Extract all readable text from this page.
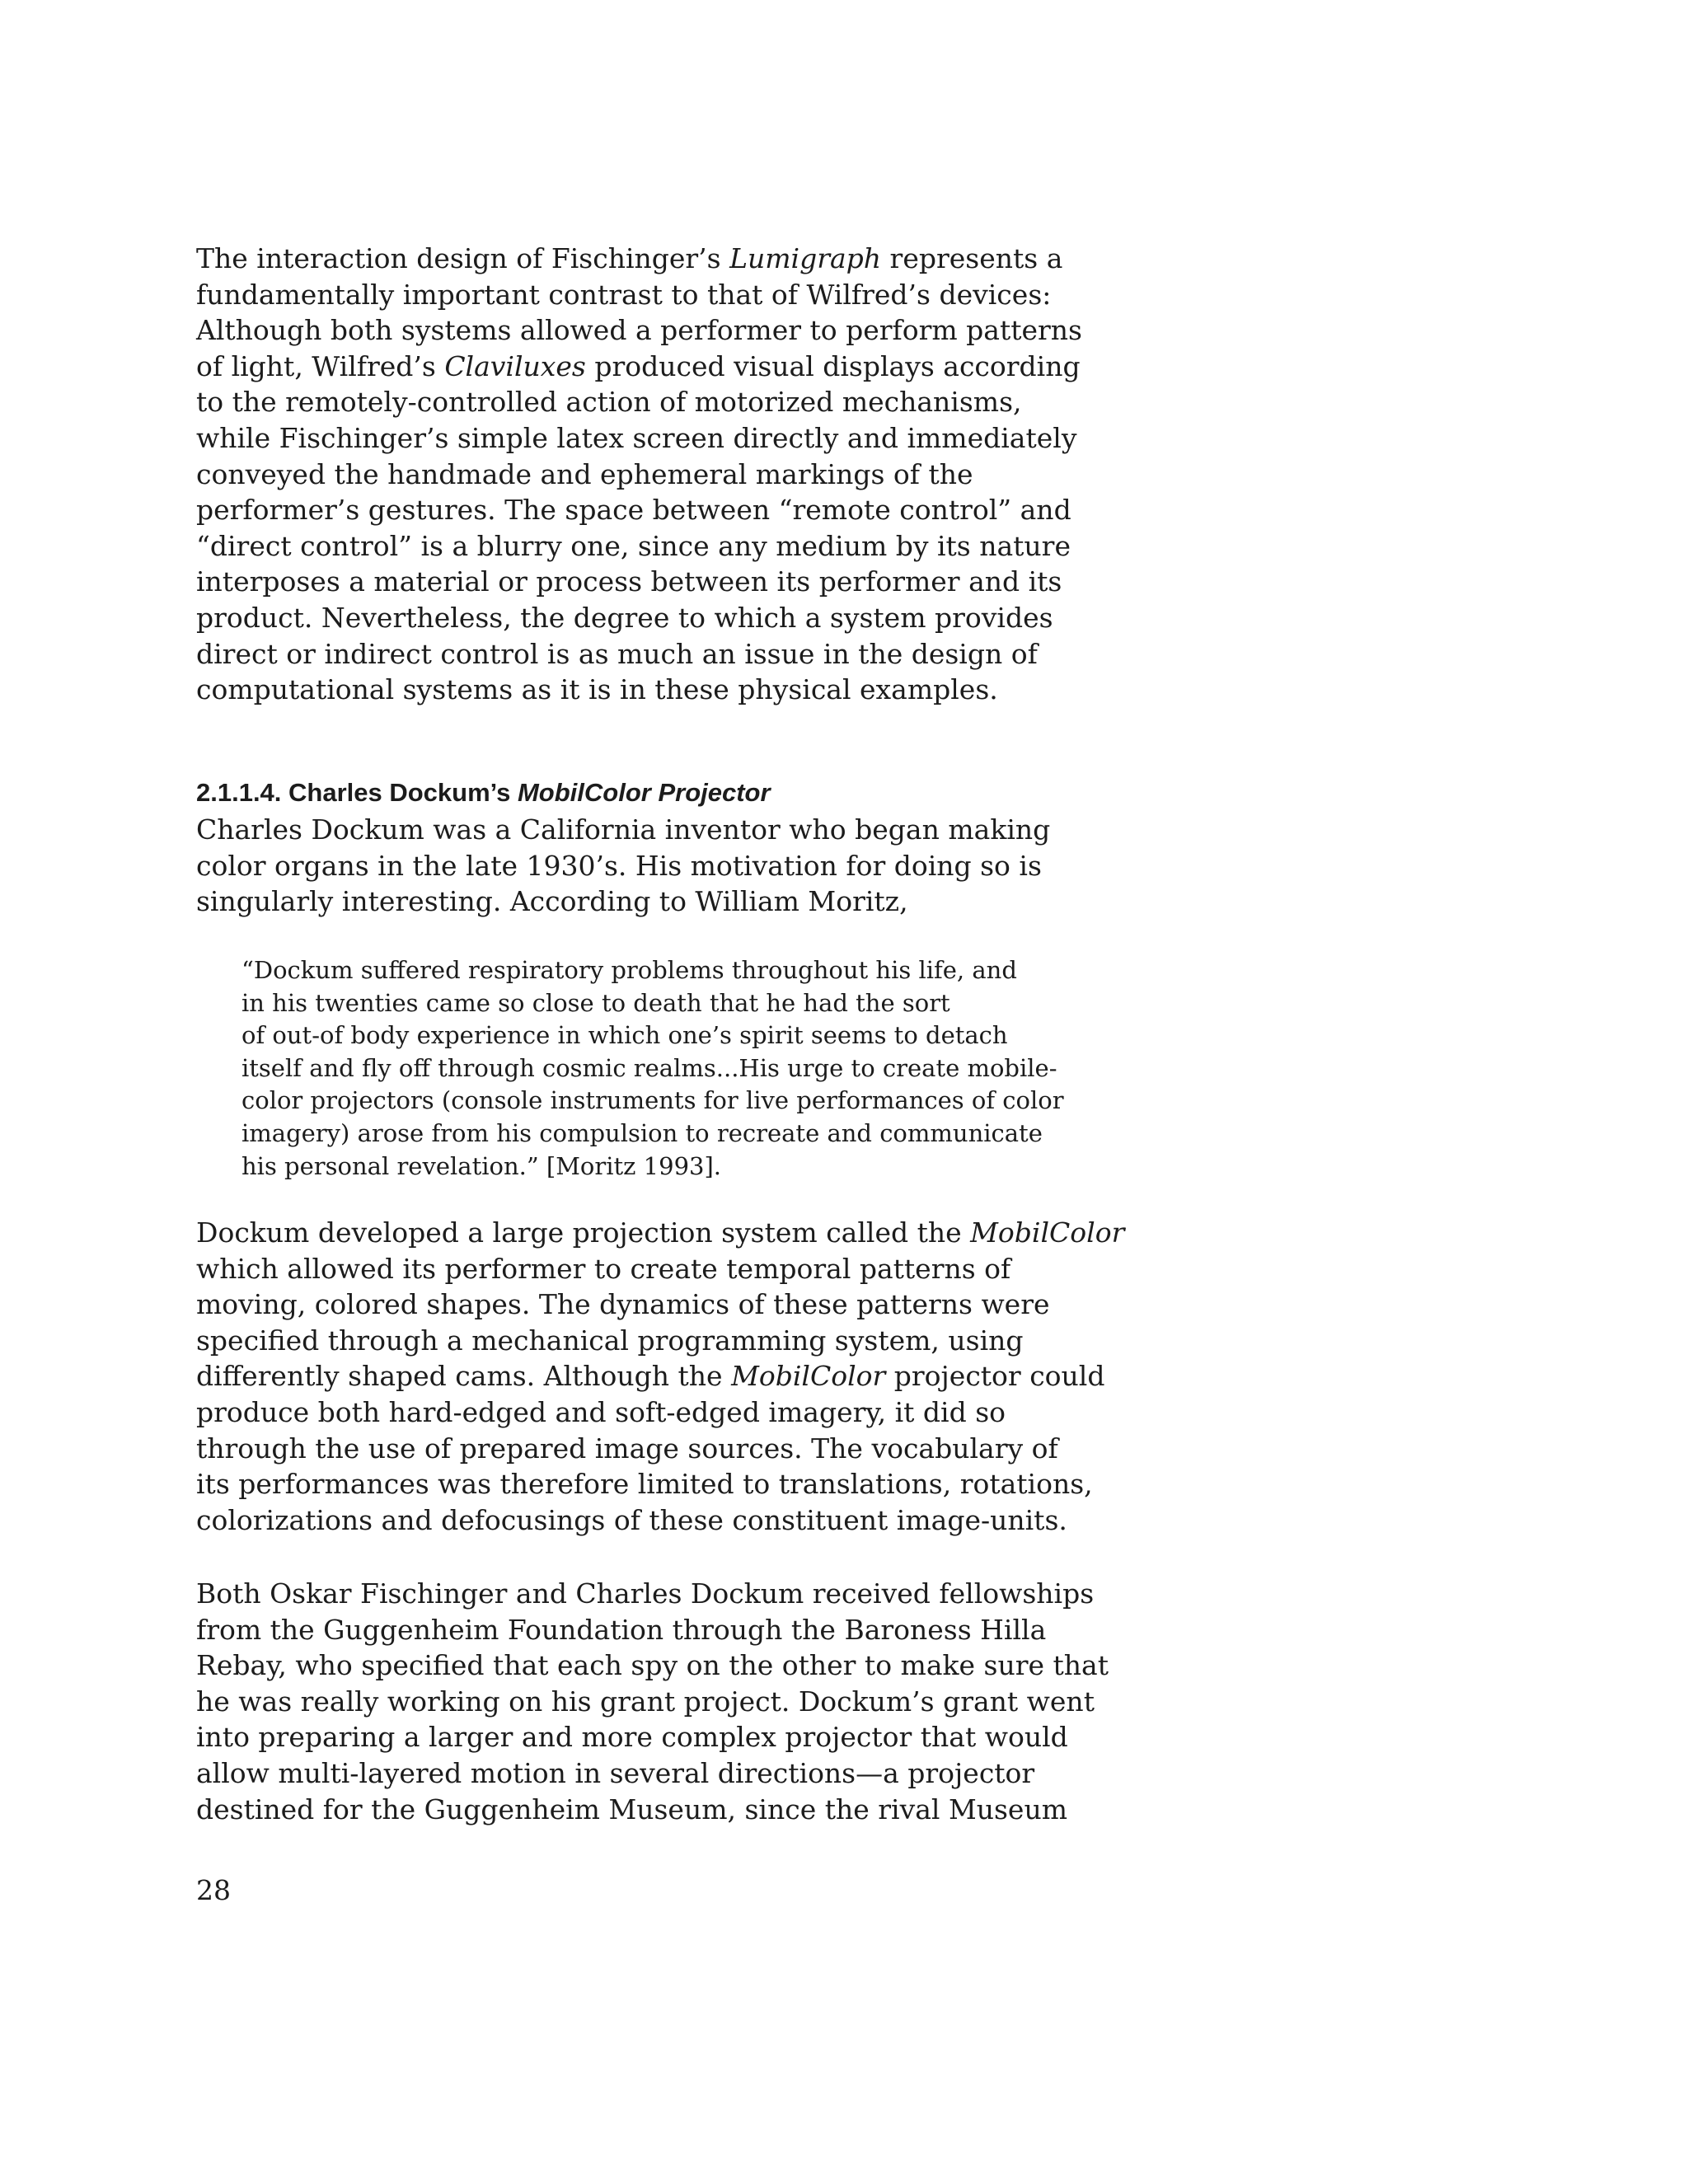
The interaction design of Fischinger’s Lumigraph represents a
fundamentally important contrast to that of Wilfred’s devices:
Although both systems allowed a performer to perform patterns
of light, Wilfred’s Claviluxes produced visual displays according
to the remotely-controlled action of motorized mechanisms,
while Fischinger’s simple latex screen directly and immediately
conveyed the handmade and ephemeral markings of the
performer’s gestures. The space between “remote control” and
“direct control” is a blurry one, since any medium by its nature
interposes a material or process between its performer and its
product. Nevertheless, the degree to which a system provides
direct or indirect control is as much an issue in the design of
computational systems as it is in these physical examples.

2.1.1.4. Charles Dockum’s MobilColor Projector

Charles Dockum was a California inventor who began making
color organs in the late 1930’s. His motivation for doing so is
singularly interesting. According to William Moritz,

“Dockum suffered respiratory problems throughout his life, and
in his twenties came so close to death that he had the sort
of out-of body experience in which one’s spirit seems to detach
itself and fly off through cosmic realms...His urge to create mobile-
color projectors (console instruments for live performances of color
imagery) arose from his compulsion to recreate and communicate
his personal revelation.” [Moritz 1993].

Dockum developed a large projection system called the MobilColor
which allowed its performer to create temporal patterns of
moving, colored shapes. The dynamics of these patterns were
specified through a mechanical programming system, using
differently shaped cams. Although the MobilColor projector could
produce both hard-edged and soft-edged imagery, it did so
through the use of prepared image sources. The vocabulary of
its performances was therefore limited to translations, rotations,
colorizations and defocusings of these constituent image-units.

Both Oskar Fischinger and Charles Dockum received fellowships
from the Guggenheim Foundation through the Baroness Hilla
Rebay, who specified that each spy on the other to make sure that
he was really working on his grant project. Dockum’s grant went
into preparing a larger and more complex projector that would
allow multi-layered motion in several directions—a projector
destined for the Guggenheim Museum, since the rival Museum

28
